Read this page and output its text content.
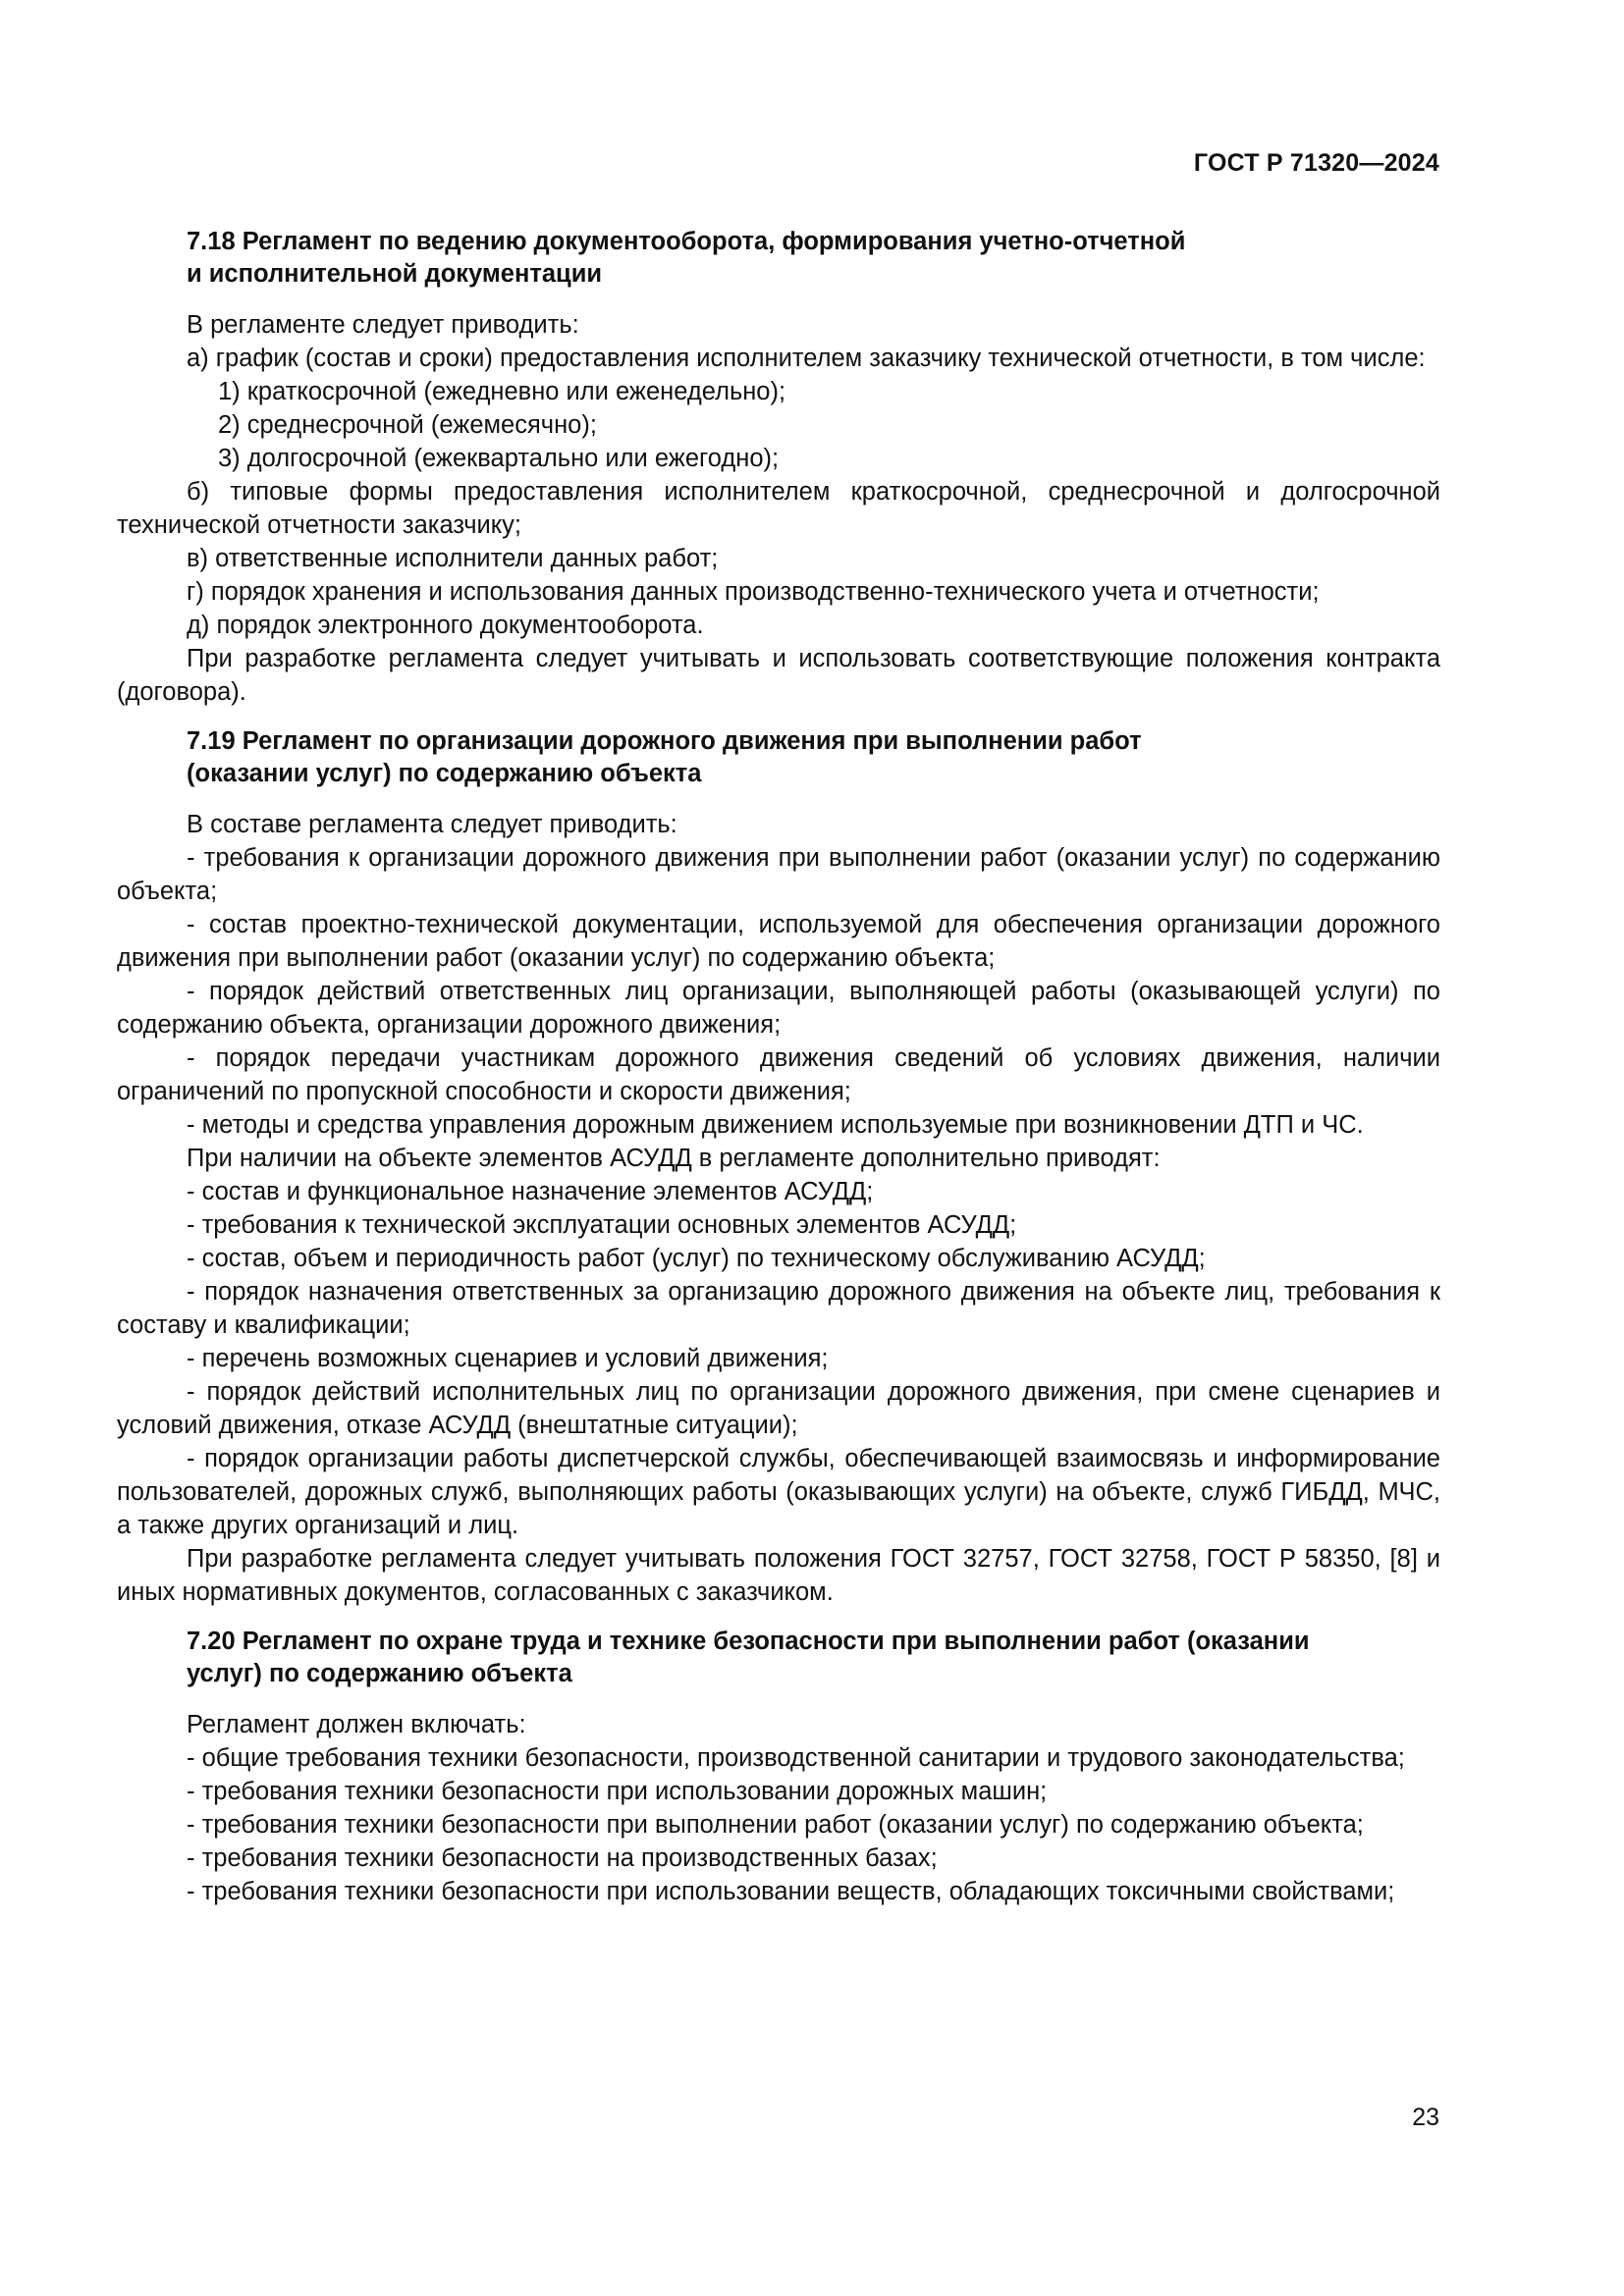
ГОСТ Р 71320—2024

7.18 Регламент по ведению документооборота, формирования учетно-отчетной

и исполнительной документации

В регламенте следует приводить:

а) график (состав и сроки) предоставления исполнителем заказчику технической отчетности, в том числе:

1) краткосрочной (ежедневно или еженедельно);

2) среднесрочной (ежемесячно);

3) долгосрочной (ежеквартально или ежегодно);

б) типовые формы предоставления исполнителем краткосрочной, среднесрочной и долгосрочной технической отчетности заказчику;

в) ответственные исполнители данных работ;

г) порядок хранения и использования данных производственно-технического учета и отчетности;

д) порядок электронного документооборота.

При разработке регламента следует учитывать и использовать соответствующие положения контракта (договора).

7.19 Регламент по организации дорожного движения при выполнении работ

(оказании услуг) по содержанию объекта

В составе регламента следует приводить:

- требования к организации дорожного движения при выполнении работ (оказании услуг) по содержанию объекта;

- состав проектно-технической документации, используемой для обеспечения организации дорожного движения при выполнении работ (оказании услуг) по содержанию объекта;

- порядок действий ответственных лиц организации, выполняющей работы (оказывающей услуги) по содержанию объекта, организации дорожного движения;

- порядок передачи участникам дорожного движения сведений об условиях движения, наличии ограничений по пропускной способности и скорости движения;

- методы и средства управления дорожным движением используемые при возникновении ДТП и ЧС.

При наличии на объекте элементов АСУДД в регламенте дополнительно приводят:

- состав и функциональное назначение элементов АСУДД;

- требования к технической эксплуатации основных элементов АСУДД;

- состав, объем и периодичность работ (услуг) по техническому обслуживанию АСУДД;

- порядок назначения ответственных за организацию дорожного движения на объекте лиц, требования к составу и квалификации;

- перечень возможных сценариев и условий движения;

- порядок действий исполнительных лиц по организации дорожного движения, при смене сценариев и условий движения, отказе АСУДД (внештатные ситуации);

- порядок организации работы диспетчерской службы, обеспечивающей взаимосвязь и информирование пользователей, дорожных служб, выполняющих работы (оказывающих услуги) на объекте, служб ГИБДД, МЧС, а также других организаций и лиц.

При разработке регламента следует учитывать положения ГОСТ 32757, ГОСТ 32758, ГОСТ Р 58350, [8] и иных нормативных документов, согласованных с заказчиком.

7.20 Регламент по охране труда и технике безопасности при выполнении работ (оказании

услуг) по содержанию объекта

Регламент должен включать:

- общие требования техники безопасности, производственной санитарии и трудового законодательства;

- требования техники безопасности при использовании дорожных машин;

- требования техники безопасности при выполнении работ (оказании услуг) по содержанию объекта;

- требования техники безопасности на производственных базах;

- требования техники безопасности при использовании веществ, обладающих токсичными свойствами;

23
